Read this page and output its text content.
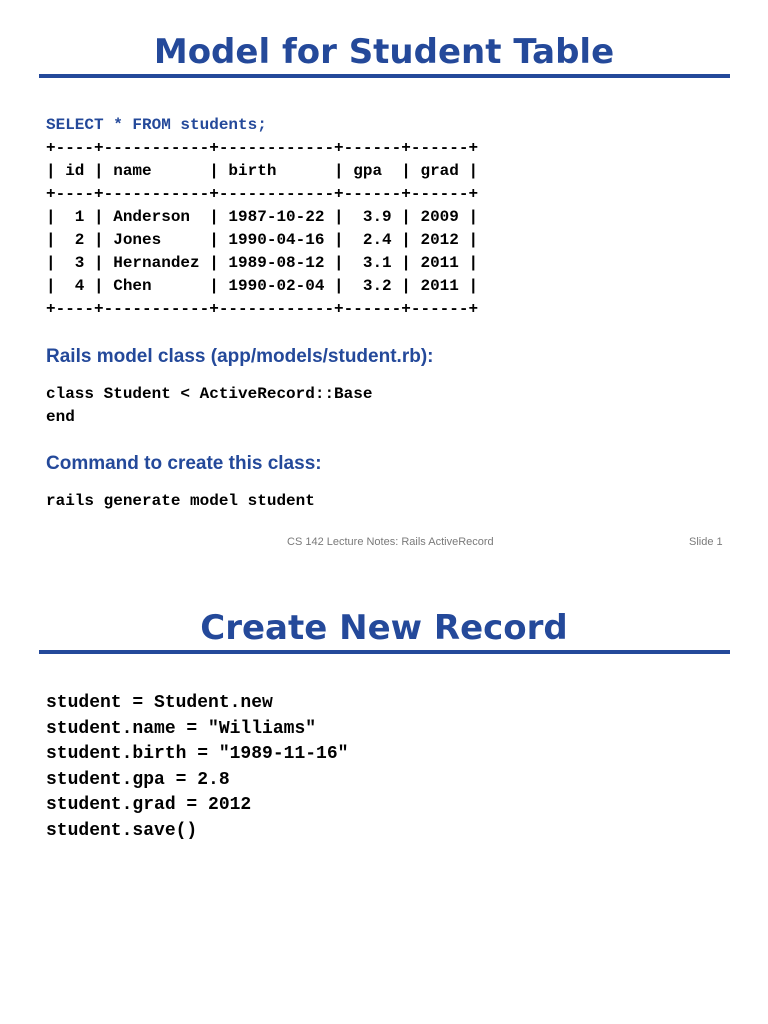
Model for Student Table
SELECT * FROM students;
+----+-----------+------------+------+------+
| id | name      | birth      | gpa  | grad |
+----+-----------+------------+------+------+
|  1 | Anderson  | 1987-10-22 |  3.9 | 2009 |
|  2 | Jones     | 1990-04-16 |  2.4 | 2012 |
|  3 | Hernandez | 1989-08-12 |  3.1 | 2011 |
|  4 | Chen      | 1990-02-04 |  3.2 | 2011 |
+----+-----------+------------+------+------+
Rails model class (app/models/student.rb):
class Student < ActiveRecord::Base
end
Command to create this class:
rails generate model student
CS 142 Lecture Notes: Rails ActiveRecord	Slide 1
Create New Record
student = Student.new
student.name = "Williams"
student.birth = "1989-11-16"
student.gpa = 2.8
student.grad = 2012
student.save()
